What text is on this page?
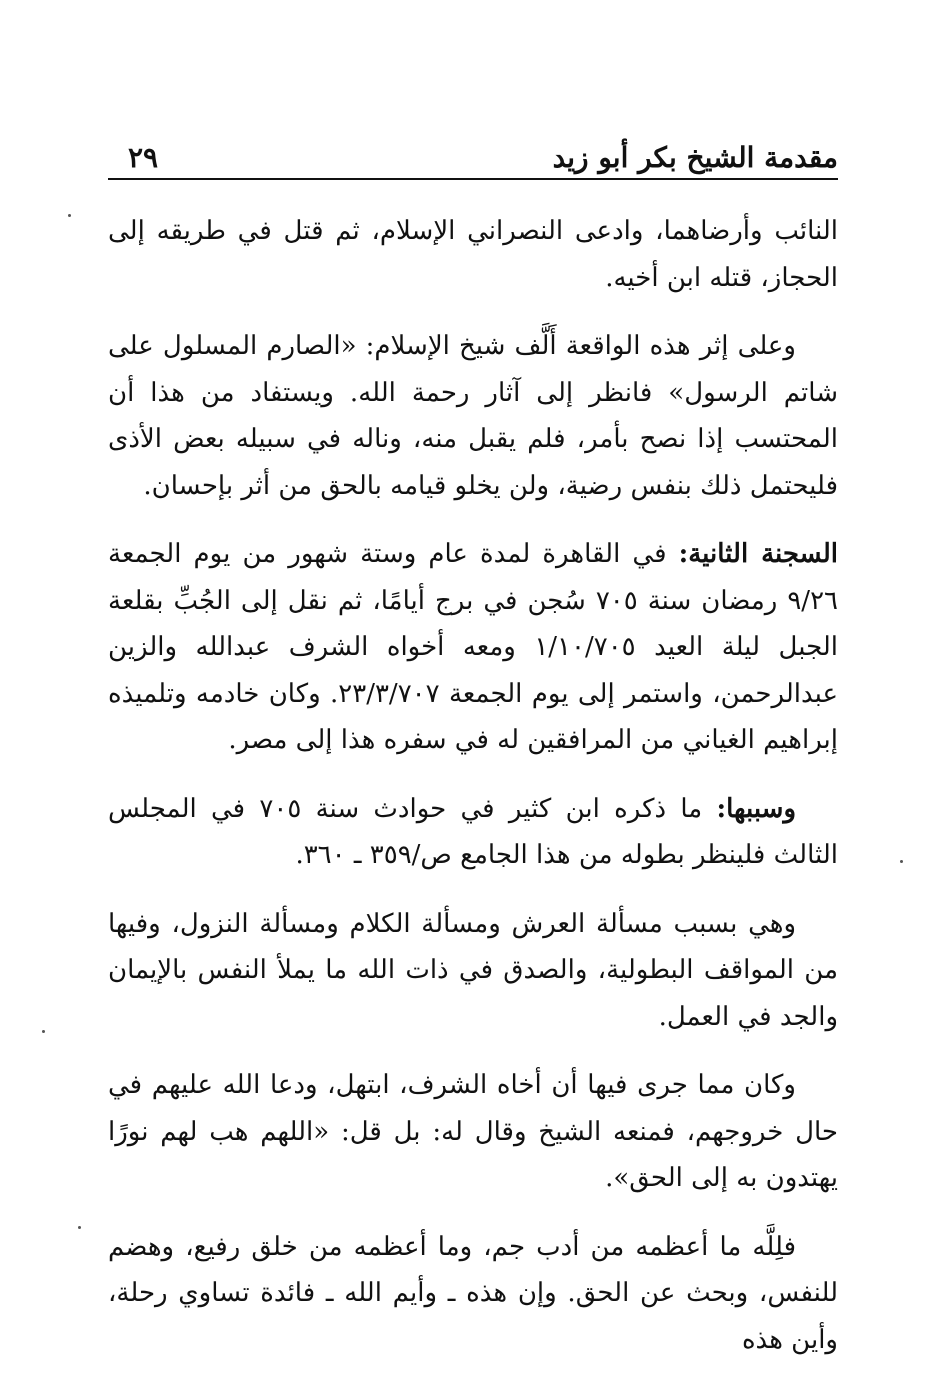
مقدمة الشيخ بكر أبو زيد
٢٩

النائب وأرضاهما، وادعى النصراني الإسلام، ثم قتل في طريقه إلى الحجاز، قتله ابن أخيه.

وعلى إثر هذه الواقعة أَلَّف شيخ الإسلام: «الصارم المسلول على شاتم الرسول» فانظر إلى آثار رحمة الله. ويستفاد من هذا أن المحتسب إذا نصح بأمر، فلم يقبل منه، وناله في سبيله بعض الأذى فليحتمل ذلك بنفس رضية، ولن يخلو قيامه بالحق من أثر بإحسان.

السجنة الثانية: في القاهرة لمدة عام وستة شهور من يوم الجمعة ٩/٢٦ رمضان سنة ٧٠٥ سُجن في برج أيامًا، ثم نقل إلى الجُبِّ بقلعة الجبل ليلة العيد ١/١٠/٧٠٥ ومعه أخواه الشرف عبدالله والزين عبدالرحمن، واستمر إلى يوم الجمعة ٢٣/٣/٧٠٧. وكان خادمه وتلميذه إبراهيم الغياني من المرافقين له في سفره هذا إلى مصر.

وسببها: ما ذكره ابن كثير في حوادث سنة ٧٠٥ في المجلس الثالث فلينظر بطوله من هذا الجامع ص/٣٥٩ ـ ٣٦٠.

وهي بسبب مسألة العرش ومسألة الكلام ومسألة النزول، وفيها من المواقف البطولية، والصدق في ذات الله ما يملأ النفس بالإيمان والجد في العمل.

وكان مما جرى فيها أن أخاه الشرف، ابتهل، ودعا الله عليهم في حال خروجهم، فمنعه الشيخ وقال له: بل قل: «اللهم هب لهم نورًا يهتدون به إلى الحق».

فلِلَّه ما أعظمه من أدب جم، وما أعظمه من خلق رفيع، وهضم للنفس، وبحث عن الحق. وإن هذه ـ وأيم الله ـ فائدة تساوي رحلة، وأين هذه
